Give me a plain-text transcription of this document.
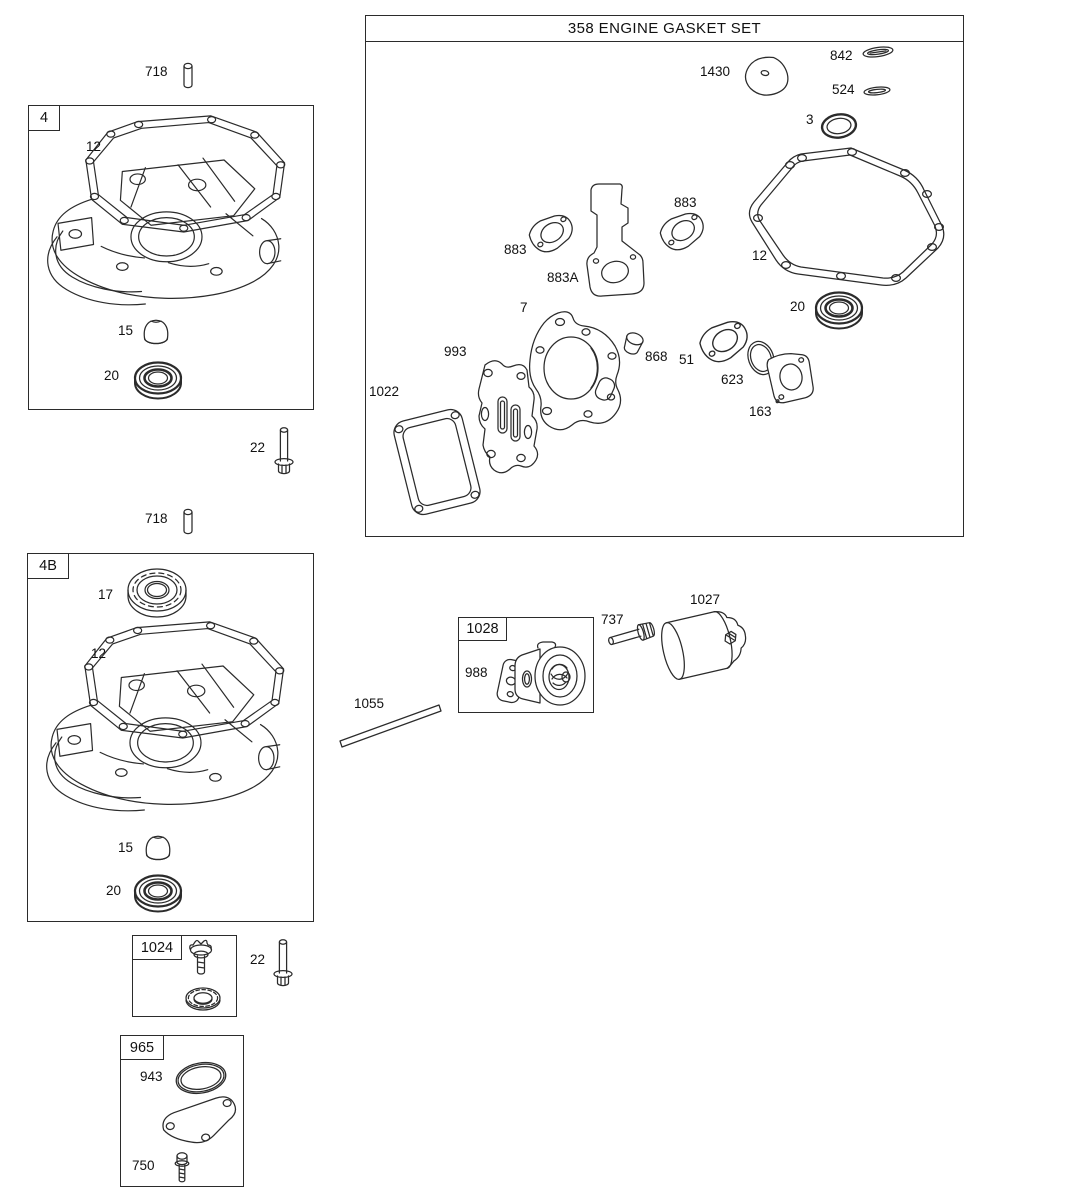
4
4B
1024
965
1028
358 ENGINE GASKET SET
718
12
15
20
22
718
17
12
15
20
22
943
750
1055
988
737
1027
842
1430
524
3
883
883A
883
12
20
7
993	868 51
623
163
1022
